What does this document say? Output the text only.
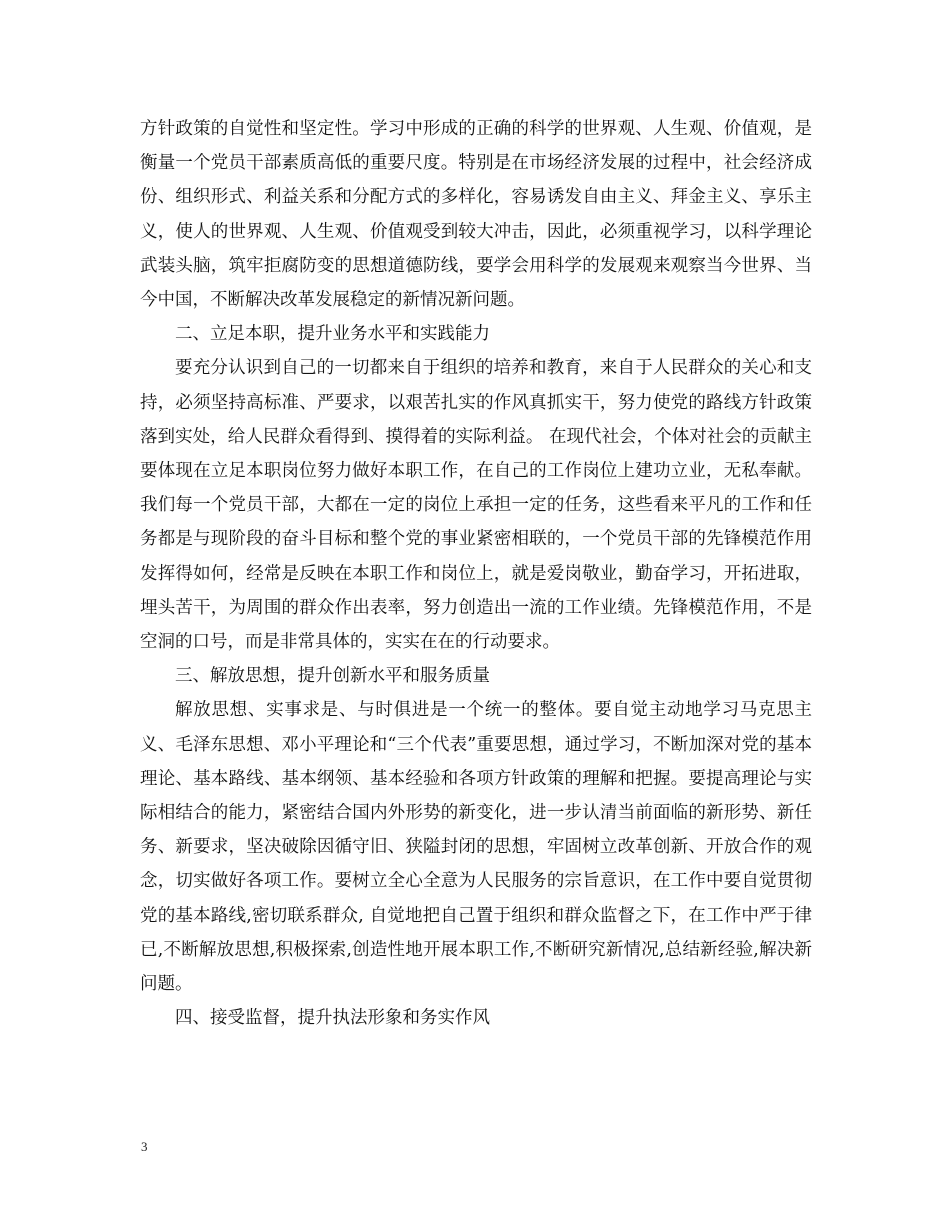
方针政策的自觉性和坚定性。学习中形成的正确的科学的世界观、人生观、价值观，是衡量一个党员干部素质高低的重要尺度。特别是在市场经济发展的过程中，社会经济成份、组织形式、利益关系和分配方式的多样化，容易诱发自由主义、拜金主义、享乐主义，使人的世界观、人生观、价值观受到较大冲击，因此，必须重视学习，以科学理论武装头脑，筑牢拒腐防变的思想道德防线，要学会用科学的发展观来观察当今世界、当今中国，不断解决改革发展稳定的新情况新问题。

二、立足本职，提升业务水平和实践能力

要充分认识到自己的一切都来自于组织的培养和教育，来自于人民群众的关心和支持，必须坚持高标准、严要求，以艰苦扎实的作风真抓实干，努力使党的路线方针政策落到实处，给人民群众看得到、摸得着的实际利益。 在现代社会，个体对社会的贡献主要体现在立足本职岗位努力做好本职工作，在自己的工作岗位上建功立业，无私奉献。我们每一个党员干部，大都在一定的岗位上承担一定的任务，这些看来平凡的工作和任务都是与现阶段的奋斗目标和整个党的事业紧密相联的，一个党员干部的先锋模范作用发挥得如何，经常是反映在本职工作和岗位上，就是爱岗敬业，勤奋学习，开拓进取，埋头苦干，为周围的群众作出表率，努力创造出一流的工作业绩。先锋模范作用，不是空洞的口号，而是非常具体的，实实在在的行动要求。

三、解放思想，提升创新水平和服务质量

解放思想、实事求是、与时俱进是一个统一的整体。要自觉主动地学习马克思主义、毛泽东思想、邓小平理论和“三个代表”重要思想，通过学习，不断加深对党的基本理论、基本路线、基本纲领、基本经验和各项方针政策的理解和把握。要提高理论与实际相结合的能力，紧密结合国内外形势的新变化，进一步认清当前面临的新形势、新任务、新要求，坚决破除因循守旧、狭隘封闭的思想，牢固树立改革创新、开放合作的观念，切实做好各项工作。要树立全心全意为人民服务的宗旨意识，在工作中要自觉贯彻党的基本路线,密切联系群众, 自觉地把自己置于组织和群众监督之下，在工作中严于律已,不断解放思想,积极探索,创造性地开展本职工作,不断研究新情况,总结新经验,解决新问题。

四、接受监督，提升执法形象和务实作风

3
